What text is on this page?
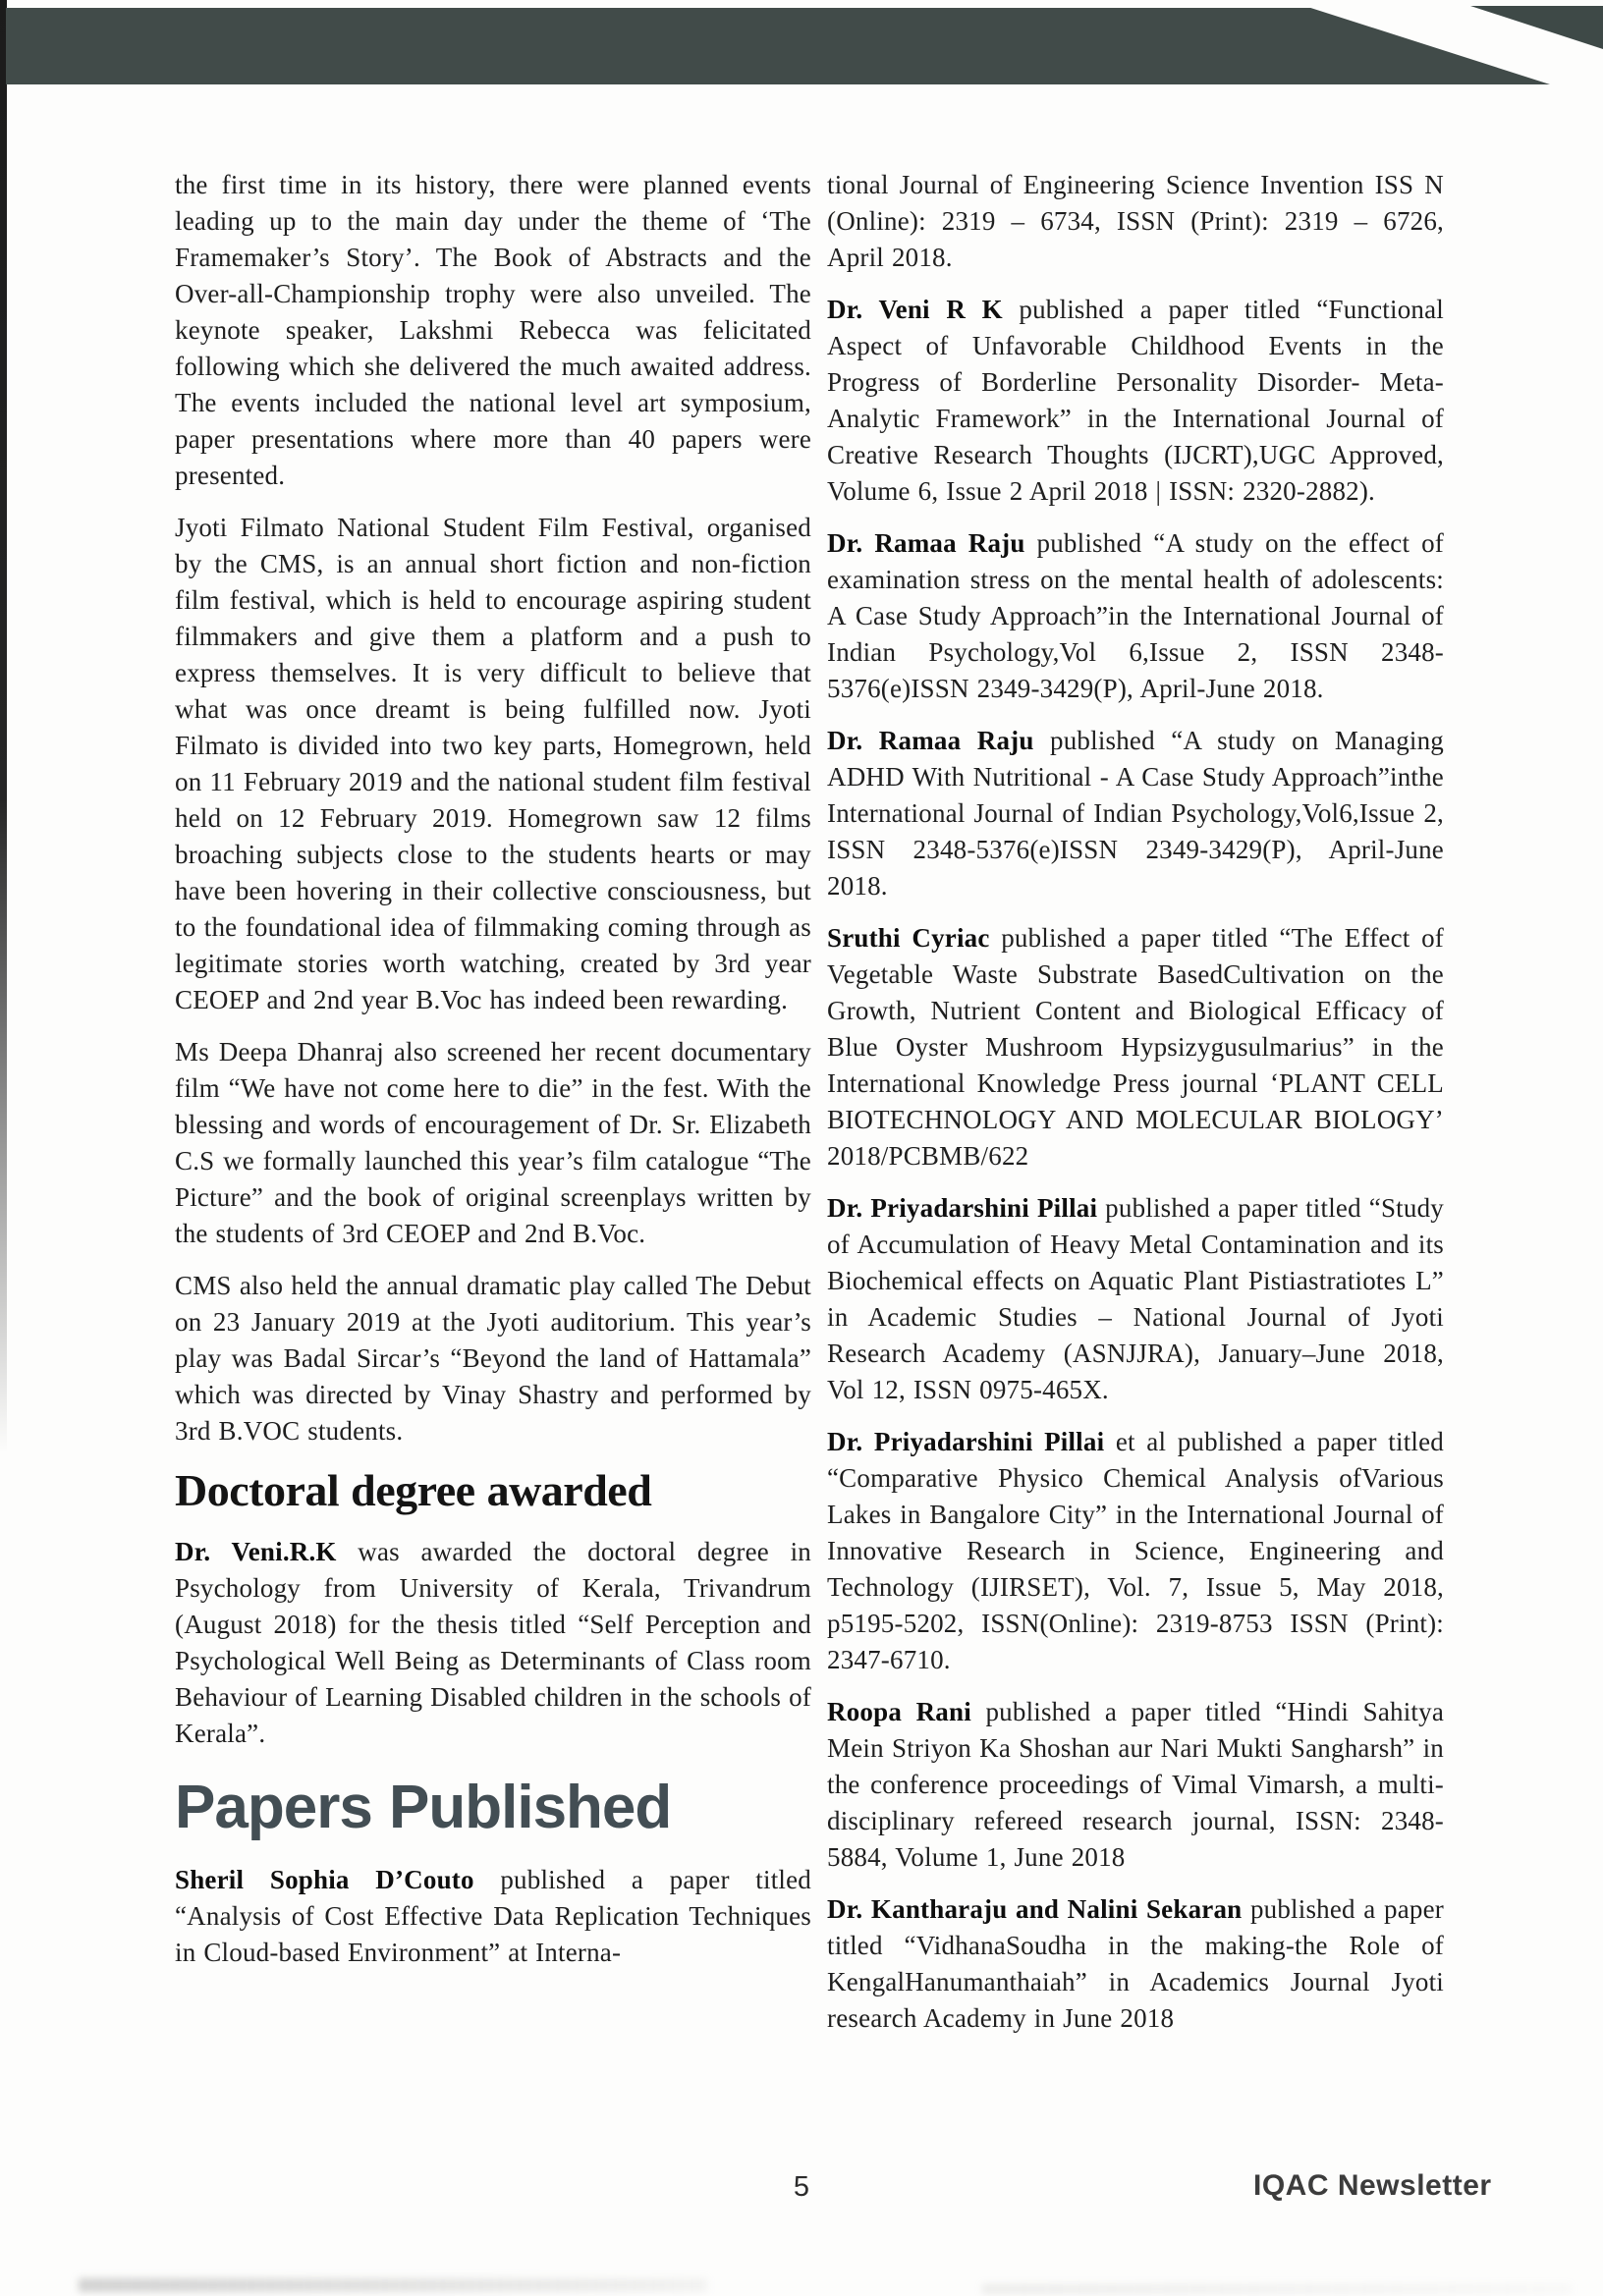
the first time in its history, there were planned events leading up to the main day under the theme of ‘The Framemaker’s Story’. The Book of Abstracts and the Over-all-Championship trophy were also unveiled. The keynote speaker, Lakshmi Rebecca was felicitated following which she delivered the much awaited address. The events included the national level art symposium, paper presentations where more than 40 papers were presented.

Jyoti Filmato National Student Film Festival, organised by the CMS, is an annual short fiction and non-fiction film festival, which is held to encourage aspiring student filmmakers and give them a platform and a push to express themselves. It is very difficult to believe that what was once dreamt is being fulfilled now. Jyoti Filmato is divided into two key parts, Homegrown, held on 11 February 2019 and the national student film festival held on 12 February 2019. Homegrown saw 12 films broaching subjects close to the students hearts or may have been hovering in their collective consciousness, but to the foundational idea of filmmaking coming through as legitimate stories worth watching, created by 3rd year CEOEP and 2nd year B.Voc has indeed been rewarding.

Ms Deepa Dhanraj also screened her recent documentary film “We have not come here to die” in the fest. With the blessing and words of encouragement of Dr. Sr. Elizabeth C.S we formally launched this year’s film catalogue “The Picture” and the book of original screenplays written by the students of 3rd CEOEP and 2nd B.Voc.

CMS also held the annual dramatic play called The Debut on 23 January 2019 at the Jyoti auditorium. This year’s play was Badal Sircar’s “Beyond the land of Hattamala” which was directed by Vinay Shastry and performed by 3rd B.VOC students.

Doctoral degree awarded

Dr. Veni.R.K was awarded the doctoral degree in Psychology from University of Kerala, Trivandrum (August 2018) for the thesis titled “Self Perception and Psychological Well Being as Determinants of Class room Behaviour of Learning Disabled children in the schools of Kerala”.

Papers Published

Sheril Sophia D’Couto published a paper titled “Analysis of Cost Effective Data Replication Techniques in Cloud-based Environment” at Interna-

tional Journal of Engineering Science Invention ISS N (Online): 2319 – 6734, ISSN (Print): 2319 – 6726, April 2018.

Dr. Veni R K published a paper titled “Functional Aspect of Unfavorable Childhood Events in the Progress of Borderline Personality Disorder- Meta-Analytic Framework” in the International Journal of Creative Research Thoughts (IJCRT),UGC Approved, Volume 6, Issue 2 April 2018 | ISSN: 2320-2882).

Dr. Ramaa Raju published “A study on the effect of examination stress on the mental health of adolescents: A Case Study Approach”in the International Journal of Indian Psychology,Vol 6,Issue 2, ISSN 2348-5376(e)ISSN 2349-3429(P), April-June 2018.

Dr. Ramaa Raju published “A study on Managing ADHD With Nutritional - A Case Study Approach”inthe International Journal of Indian Psychology,Vol6,Issue 2, ISSN 2348-5376(e)ISSN 2349-3429(P), April-June 2018.

Sruthi Cyriac published a paper titled “The Effect of Vegetable Waste Substrate BasedCultivation on the Growth, Nutrient Content and Biological Efficacy of Blue Oyster Mushroom Hypsizygusulmarius” in the International Knowledge Press journal ‘PLANT CELL BIOTECHNOLOGY AND MOLECULAR BIOLOGY’ 2018/PCBMB/622

Dr. Priyadarshini Pillai published a paper titled “Study of Accumulation of Heavy Metal Contamination and its Biochemical effects on Aquatic Plant Pistiastratiotes L” in Academic Studies – National Journal of Jyoti Research Academy (ASNJJRA), January–June 2018, Vol 12, ISSN 0975-465X.

Dr. Priyadarshini Pillai et al published a paper titled “Comparative Physico Chemical Analysis ofVarious Lakes in Bangalore City” in the International Journal of Innovative Research in Science, Engineering and Technology (IJIRSET), Vol. 7, Issue 5, May 2018, p5195-5202, ISSN(Online): 2319-8753 ISSN (Print): 2347-6710.

Roopa Rani published a paper titled “Hindi Sahitya Mein Striyon Ka Shoshan aur Nari Mukti Sangharsh” in the conference proceedings of Vimal Vimarsh, a multi-disciplinary refereed research journal, ISSN: 2348-5884, Volume 1, June 2018

Dr. Kantharaju and Nalini Sekaran published a paper titled “VidhanaSoudha in the making-the Role of KengalHanumanthaiah” in Academics Journal Jyoti research Academy in June 2018

5	IQAC Newsletter
